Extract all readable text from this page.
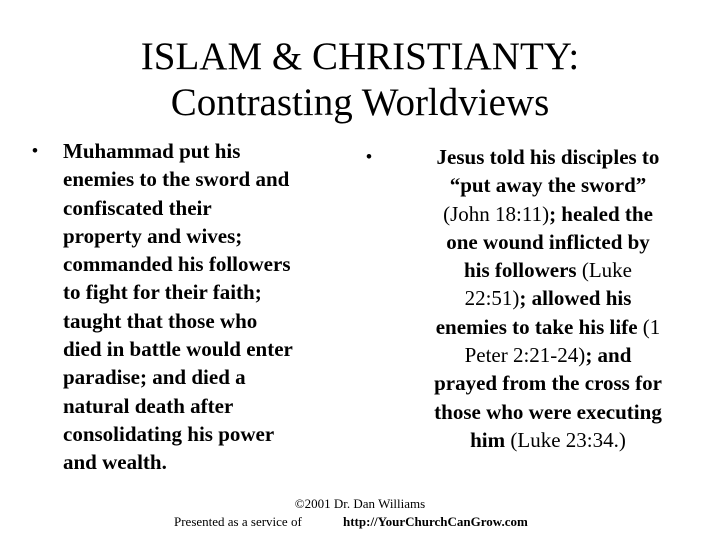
ISLAM & CHRISTIANTY:
Contrasting Worldviews
• Muhammad put his
enemies to the sword and
confiscated their
property and wives;
commanded his followers
to fight for their faith;
taught that those who
died in battle would enter
paradise; and died a
natural death after
consolidating his power
and wealth.
•	Jesus told his disciples to
“put away the sword”
(John 18:11); healed the
one wound inflicted by
his followers (Luke
22:51); allowed his
enemies to take his life (1
Peter 2:21-24); and
prayed from the cross for
those who were executing
him (Luke 23:34.)
©2001 Dr. Dan Williams
Presented as a service of	http://YourChurchCanGrow.com
